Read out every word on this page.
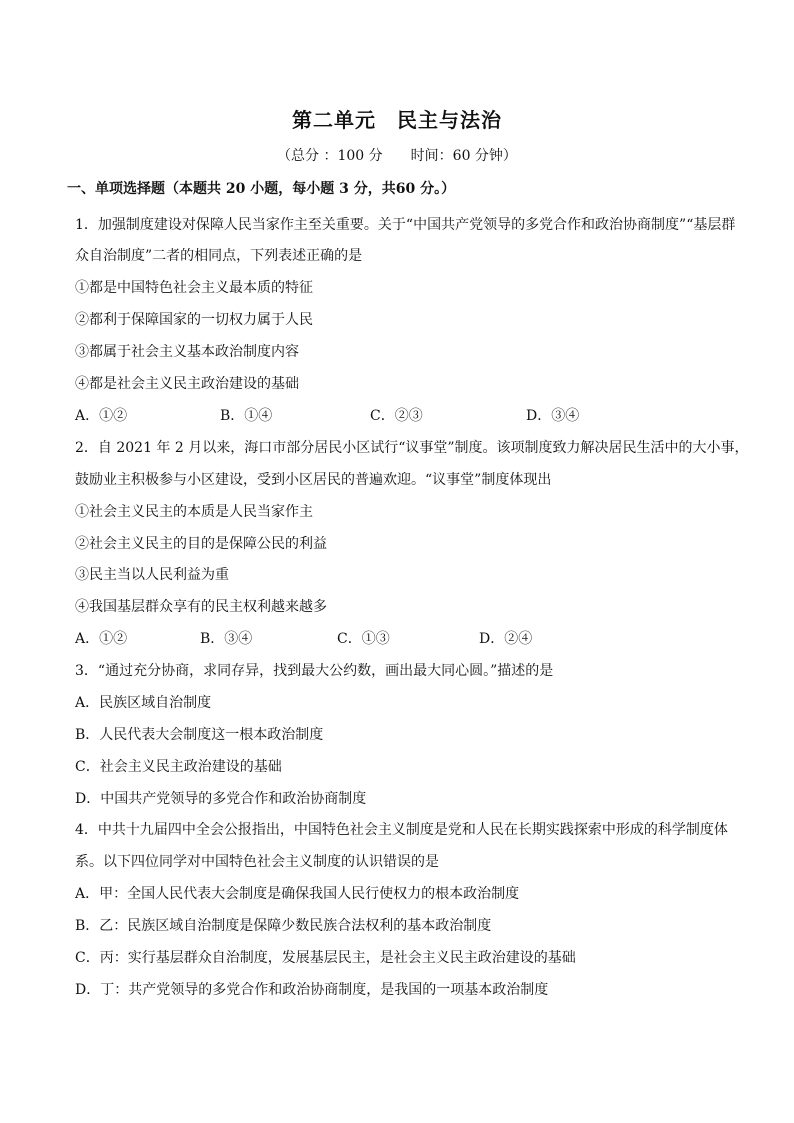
第二单元　民主与法治
（总分 ：100 分　　时间：60 分钟）
一、单项选择题（本题共 20 小题，每小题 3 分，共60 分。）
1．加强制度建设对保障人民当家作主至关重要。关于“中国共产党领导的多党合作和政治协商制度”“基层群
众自治制度”二者的相同点，下列表述正确的是
①都是中国特色社会主义最本质的特征
②都利于保障国家的一切权力属于人民
③都属于社会主义基本政治制度内容
④都是社会主义民主政治建设的基础
A．①②	B．①④	C．②③	D．③④
2．自 2021 年 2 月以来，海口市部分居民小区试行“议事堂”制度。该项制度致力解决居民生活中的大小事，
鼓励业主积极参与小区建设，受到小区居民的普遍欢迎。“议事堂”制度体现出
①社会主义民主的本质是人民当家作主
②社会主义民主的目的是保障公民的利益
③民主当以人民利益为重
④我国基层群众享有的民主权利越来越多
A．①②	B．③④	C．①③	D．②④
3．“通过充分协商，求同存异，找到最大公约数，画出最大同心圆。”描述的是
A．民族区域自治制度
B．人民代表大会制度这一根本政治制度
C．社会主义民主政治建设的基础
D．中国共产党领导的多党合作和政治协商制度
4．中共十九届四中全会公报指出，中国特色社会主义制度是党和人民在长期实践探索中形成的科学制度体
系。以下四位同学对中国特色社会主义制度的认识错误的是
A．甲：全国人民代表大会制度是确保我国人民行使权力的根本政治制度
B．乙：民族区域自治制度是保障少数民族合法权利的基本政治制度
C．丙：实行基层群众自治制度，发展基层民主，是社会主义民主政治建设的基础
D．丁：共产党领导的多党合作和政治协商制度，是我国的一项基本政治制度
